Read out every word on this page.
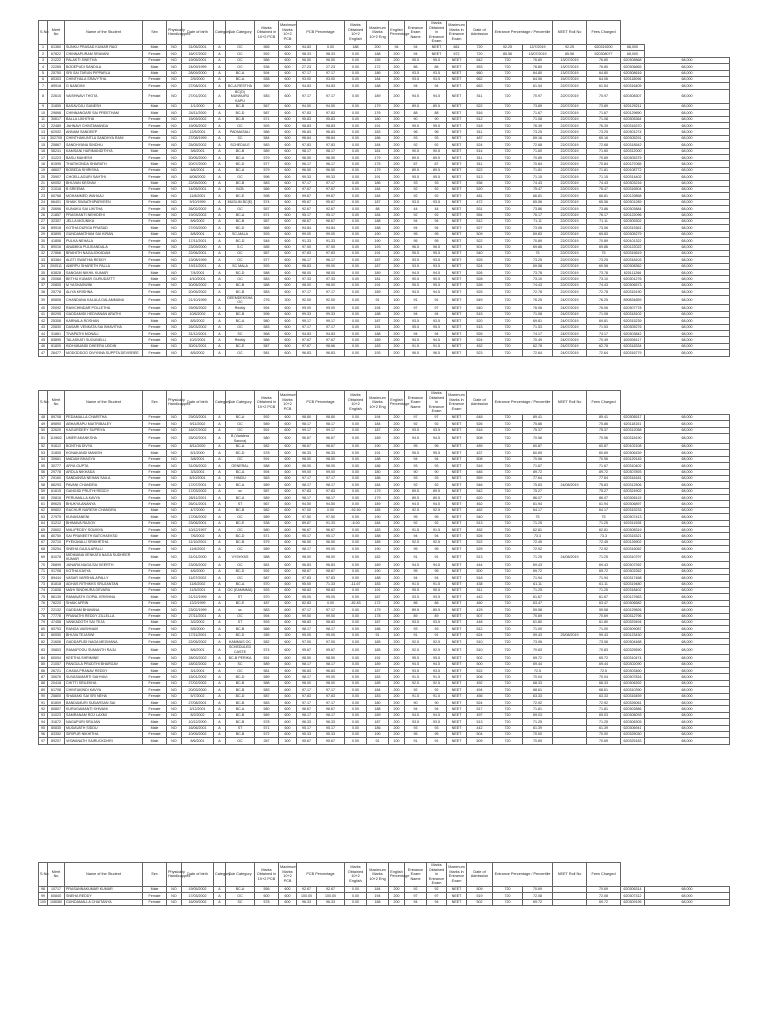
S.No	Merit No	Name of the Student	Sex	Physically Handicapped	Date of birth	Category	Sub Category	Marks Obtained in 10+2 PCB	Maximum Marks 10+2 PCB	PCB Percentage		Marks Obtained 10+2 English	Maximum Marks 10+2 Eng	English Percentage	Entrance Exam Name	Marks Obtained in Entrance Exam	Maximum Marks in Entrance Exam	Date of Admission	Entrance Percentage / Percentile		NEET Roll No	Fees Charged		
1	61360	SUNKU PRASAD KUMAR RAO	Male	NO	31/05/2001	A	OC	565	600	94.83	0.00	188	200	94	94	NEET	661	720	92.25	12/7/2019	92.25	620319200	68,000	
2	67822	CHINNAPURAM SRAVANI	Female	NO	16/07/2002	A	OC	592	600	98.33	98.33	0.00	188	200	94	NEET	672	720	85.56	13/07/2019	85.56	520308077	68,000	
3	21222	PALAKTI SWETHA	Female	NO	19/05/2001	A	OC	586	600	96.50	96.50	0.00	155	200	95.5	95.5	NEET	642	720	76.80	13/07/2019	76.80	620308868	68,000
4	22265	BODEPUDI SANDILA	Male	NO	24/09/1999	A	OC	536	600	27.23	27.23	0.00	172	200	86	86	NEET	553	720	76.80	13/07/2019	76.80	620306665	68,000
5	25750	SRI SAI TARUN PIPPARLA	Male	NO	28/09/2000	A	BC-A	594	600	97.17	97.17	0.00	186	200	93.5	93.5	NEET	660	720	64.80	13/07/2019	64.80	620308616	68,000
6	80303	CHINTHALA SRAVYTHA	Female	NO	2/5/2000	A	BC-A	558	600	93.00	93.00	0.00	184	200	93.5	93.5	NEET	662	720	64.06	15/07/2019	64.06	620118096	68,000
7	89918	G NANDINI	Female	NO	27/08/2001	A	BC-A RESTHA	569	600	94.83	94.83	0.00	188	200	94	94	NEET	663	720	61.54	22/07/2019	61.54	620316405	68,000
8	22615	VAISHNAVI THOTA	Female	NO	27/01/2002	A	BC(D) MUNNURU KAPU	583	600	97.17	97.17	0.00	189	200	94.5	94.5	NEET	511	720	70.97	22/07/2019	70.97	620308307	68,000
9	31855	BASAVOJU GANESH	Male	NO	1/1/2000	A	BC-B	567	600	94.50	94.50	0.00	179	200	89.5	89.5	NEET	522	720	73.89	22/07/2019	73.89	620129211	68,000
10	29898	CHINNANGARI SAI PREETHAM	Male	NO	24/11/2000	A	BC-D	587	600	97.83	97.83	0.00	176	200	88	88	NEET	516	720	71.67	22/07/2019	71.67	620129890	68,000
11	30617	BALLA LIKHITHA	Female	NO	15/09/2002	A	BC-B	571	600	95.83	95.83	0.00	180	200	90	90	NEET	512	720	71.08	22/07/2019	71.08	620305364	68,000
12	22489	JAHNAVI CHINTAMANDA	Female	NO	19/05/2002	A	OC	593	600	98.83	98.83	0.00	191	200	95.5	95.5	NEET	518	720	76.39	22/07/2019	76.39	620316370	68,000
13	62002	ANNAM SANDEEP	Male	NO	12/5/2001	A	PADMASALI	586	600	96.83	96.83	0.00	183	200	96	96	NEET	511	720	73.25	22/07/2019	73.25	620301274	68,000
14	302705	CHINTHAKUNTLA SANDHYA RANI	Female	NO	27/08/1999	A	SC	584	600	98.84	98.84	0.00	186	200	93	93	NEET	487	720	69.16	22/07/2019	69.16	620305291	68,000
15	25867	SANDHYANA SINDHU	Female	NO	25/05/2002	A	SCHEDULE	583	600	97.83	97.83	0.00	184	200	92	92	NEET	524	720	72.68	22/07/2019	72.68	620318542	68,000
16	56241	KAMSANI HARIMANDITHYA	Male	NO	3/6/2001	A	BC-B	589	600	98.17	98.17	0.00	181	200	90.5	90.5	NEET	514	720	71.60	22/07/2019	71.60	620312000	68,000
17	31223	BASU MAHESH	Female	NO	30/05/2000	A	BC-A	579	600	96.50	96.50	0.00	179	200	89.5	89.5	NEET	511	720	70.89	22/07/2019	70.89	620305375	68,000
18	61595	THATIKONDA SHARATH	Male	NO	20/07/2000	A	BC-D	577	600	96.17	96.17	0.00	175	200	87	87	NEET	511	720	70.84	22/07/2019	70.84	620127065	68,000
19	46607	BOBEDA SHIRISHA	Female	NO	6/6/2001	A	BC-A	579	600	96.50	96.50	0.00	179	200	89.5	89.5	NEET	522	720	71.81	22/07/2019	71.81	620108772	68,000
20	25907	CHOELLAGURI SAHTHI	Female	NO	8/08/2002	A	OC	596	600	99.33	99.33	0.00	191	200	95.5	95.5	NEET	513	720	71.15	22/07/2019	71.15	620314402	68,000
21	60052	BHUVAN KESHAV	Male	NO	22/05/2000	A	BC-B	583	600	97.17	97.17	0.00	186	200	93	93	NEET	536	720	74.43	22/07/2019	74.43	620303216	68,000
22	21018	B SREEMA	Female	NO	14/05/2001	A	BCB	586	600	97.67	97.67	0.00	184	200	92	92	NEET	520	720	75.47	22/07/2019	75.47	620316504	68,000
23	60768	MOHAMMED WAHAAJ	Male	NO	11/8/2001	A	BC-E	598	600	99.67	99.67	0.00	184	200	92	92	NEET	481	720	66.81	22/07/2019	66.81	620129858	68,000
24	66401	SHAIK SWAATHIPARVEEN	Female	NO	9/10/1999	A	MUSLIM BC(E)	574	600	95.67	95.67	0.00	187	200	93.5	93.5	NEET	472	720	65.56	22/07/2019	65.56	620301289	68,000
25	20696	KUNUKU SAI LIKITHA	Female	NO	26/02/2002	A	OC	557	600	92.67	92.67	0.00	88	200	44	44	NEET	531	720	73.86	22/07/2019	73.86	620303884	68,000
26	21857	PRASHANTI NEHIDEHI	Female	NO	19/03/2002	A	BC-A	571	600	95.17	95.17	0.00	184	200	92	92	NEET	554	720	76.17	22/07/2019	76.17	620122096	68,000
27	32307	JELLA MOUNIKA	Female	NO	8/6/2002	A	BC-B	587	600	96.67	96.67	0.00	188	200	94	94	NEET	512	720	71.11	22/07/2019	71.11	620305302	68,000
28	89918	KOTHA DURGA PRASAD	Male	NO	27/03/2000	A	BC-D	568	600	94.84	94.84	0.00	188	200	94	94	NEET	527	720	73.06	22/07/2019	73.06	620315361	68,000
29	83895	GUNDAMATHAM SAI KIRAN	Male	NO	6/8/2001	A	SC-MALA	593	600	99.00	99.00	0.00	190	200	95	95	NEET	509	720	69.83	22/07/2019	69.83	620305279	68,000
30	41808	PULKA NEHALA	Female	NO	17/11/2001	A	BC-D	548	600	91.33	91.33	0.00	190	200	95	95	NEET	522	720	70.89	22/07/2019	70.89	620101322	68,000
31	89016	ANAMIKA PULIKANDALA	Female	NO	23/09/2000	A	S.C	585	600	97.50	97.50	0.00	193	200	96.5	96.5	NEET	501	720	69.86	22/07/2019	69.86	620122022	68,000
32	27866	BRAHITH NAGAJOKADAM	Female	NO	22/06/2001	A	OC	587	600	97.83	97.83	0.00	191	200	95.5	95.5	NEET	540	720	75	22/07/2019	75	620315619	68,000
33	83384	ALETI SWATHIA REDDY	Female	NO	13/08/1999	A	OC	577	600	96.17	96.17	0.00	187	200	93.5	93.5	NEET	525	720	73.25	22/07/2019	73.25	620318103	68,000
34	200511	AMIRPU SHARETH PALLA	Female	NO	19/11/2001	A	SC MALA	593	600	98.83	99.00	0.00	187	200	93.5	93.5	NEET	524	720	69.58	22/07/2019	69.58	620308362	68,000
35	63828	SANGAM NIKHIL KUMAR	Male	NO	7/4/2001	A	BC-D	588	600	98.00	98.00	0.00	189	200	94.5	94.5	NEET	526	720	73.78	22/07/2019	73.78	620111266	68,000
36	20068	BETHU KUMAR GURUDATTT	Male	NO	4/10/2001	A	OC	583	600	97.33	97.33	0.00	181	200	90.5	90.5	NEET	528	720	73.10	22/07/2019	73.10	620301276	68,000
37	20805	M YASHASWINI	Female	NO	30/05/2002	A	BC-B	588	600	98.00	98.00	0.00	191	200	95.5	95.5	NEET	528	720	74.43	22/07/2019	74.43	620306573	68,000
38	25778	ALIYA KRISHNA	Female	NO	20/05/2002	A	BC-B	583	600	97.17	97.17	0.00	189	200	94.5	94.5	NEET	525	720	72.78	22/07/2019	72.78	620315190	68,000
39	80808	CHANDANA KALALA DALAMMANU	Female	NO	21/10/1999	A	DEEMDEKSHA OC	276	300	92.00	92.00	0.00	91	100	91	91	NEET	549	720	76.25	24/07/2019	76.25	890834659	68,000
40	20092	RAVICHINDAR POLLETHA	Female	NO	25/05/2002	A	Reddy	594	600	99.00	99.00	0.00	194	200	97	97	NEET	540	720	76.06	24/07/2019	76.06	620307778	68,000
41	80295	GADDAMIDI HEDVANAN ARATHI	Female	NO	10/6/2002	A	BC-B	596	600	99.33	99.33	0.00	188	200	94	94	NEET	515	720	71.08	24/07/2019	71.08	620318102	68,000
42	25308	KARNALA ROSHAN	Male	NO	8/5/2002	A	BC-A	580	600	99.17	99.17	0.00	187	200	93.5	93.5	NEET	520	720	69.81	24/07/2019	69.81	620315239	68,000
43	20830	DASARI VENKATA SAI BHAVITHA	Female	NO	26/03/2002	A	OC	583	600	97.17	97.17	0.00	191	200	95.5	95.5	NEET	515	720	71.53	24/07/2019	71.53	620305276	68,000
44	31861	TIVAPATHI MONALI	Female	NO	31/12/2001	A	SC	568	600	94.83	94.83	0.00	188	200	94	94	NEET	526	720	74.17	24/07/2019	74.17	620303842	68,000
45	83895	TALASKATI SUGUNELLI	Female	NO	10/2/2001	A	Reddy	586	600	97.67	97.67	0.00	189	200	94.5	94.5	NEET	524	720	70.49	24/07/2019	70.49	620306117	68,000
46	81805	KIDHUBANDI DHEERA UDDIN	Male	NO	30/01/2001	A	BC-E	587	600	97.67	98.66	0.00	183	200	91.5	91.5	NEET	452	720	62.78	24/07/2019	62.78	620318334	68,000
47	26477	MODODDOO DIVYNNA SUPPTA DEVISREE	Female	NO	8/5/2002	A	OC	581	600	96.83	96.83	0.00	193	200	96.5	96.5	NEET	523	720	72.64	24/07/2019	72.64	620316779	68,000
S.No	Merit No	Name of the Student	Sex	Physically Handicapped	Date of birth	Category	Sub Category	Marks Obtained in 10+2 PCB	Maximum Marks 10+2 PCB	PCB Percentage		Marks Obtained 10+2 English	Maximum Marks 10+2 Eng	English Percentage	Entrance Exam Name	Marks Obtained in Entrance Exam	Maximum Marks in Entrance Exam	Date of Admission	Entrance Percentage / Percentile		NEET Roll No	Fees Charged		
48	89708	PEDAMALLA CHARITHA	Female	NO	29/03/2001	A	BC-A	592	600	98.80	98.80	0.00	194	200	97	97	NEET	648	720	89.41		89.41	620306517	68,000
49	89890	ABHAIRAPU MAITRIBALEY	Female	NO	9/11/2002	A	OC	589	600	98.17	98.17	0.00	184	200	92	92	NEET	526	720	75.86		75.86	620118151	68,000
50	32629	KAGURDEEY SUPRIYA	Female	NO	16/07/2002	A	OC	591	600	99.17	99.17	0.00	187	200	93.5	93.5	NEET	516	720	75.37		75.37	620312058	68,000
51	110802	UMER AKANKSHA	Female	NO	25/02/2001	A	B (Vaddera Sarova)	580	600	96.67	96.67	0.00	189	200	94.5	94.5	NEET	508	720	70.56		70.56	620318190	68,000
52	91612	BONTHA DIVYA	Female	NO	8/11/2000	A	BC-A	582	600	98.67	98.67	0.00	190	200	95	95	NEET	489	720	60.87		60.87	620102108	68,000
53	31805	KONAKANDI MANISH	Male	NO	6/1/2000	A	BC-D	578	600	96.33	96.33	0.00	191	200	95.5	95.5	NEET	437	720	60.69		60.69	620306159	68,000
54	30661	MADAM BHAGYA	Female	NO	3/8/2001	A	OC	591	600	98.50	98.50	0.00	188	200	94	94	NEET	508	720	70.56		70.56	620129145	68,000
55	30777	ARYA GUPTA	Female	NO	31/05/2002	A	GENERAL	588	600	98.00	98.00	0.00	186	200	93	93	NEET	516	720	71.67		71.67	620310402	68,000
56	29778	ARDLA NIKHADA	Female	NO	3/3/2001	A	BC-A	594	600	99.00	99.00	0.00	180	200	90	90	NEET	646	720	89.72		89.72	620307893	68,000
57	29160	SANDANSA NEHAN SAILA	Female	NO	8/10/2001	A	HINDU	583	600	97.17	97.17	0.00	186	200	93	93	NEET	559	720	77.64		77.64	620316181	68,000
58	86293	PAVANI CHANDRA	Female	NO	17/07/2001	A	BC-A	589	600	98.17	98.17	0.00	184	200	92	92	NEET	546	720	75.83	24/08/2019	75.83	620312506	68,000
59	61615	GANGIDI PRUTHI REDDY	Female	NO	17/03/2002	A	oc	587	600	97.83	97.83	0.00	179	200	89.5	89.5	NEET	542	720	75.27		75.27	620324902	68,000
60	20818	PERUMALLA KAVYA	Female	NO	28/11/2001	A	BC-A	589	600	98.17	98.17	0.00	179	200	89.5	89.5	NEET	620	720	86.07		86.07	620306119	68,000
61	89625	BHUKYA ANANYA	Female	NO	26/01/2001	A	ST	567	600	94.50	94.50	0.00	189	200	94.5	94.5	NEET	462	720	61.94		61.94	620306897	68,000
62	89802	RACHUR NARESH CHANDRA	Male	NO	4/7/2000	A	BC-B	582	600	97.00	0.00	-92.50	185	200	92.5	92.5	NEET	462	720	64.17		64.17	620315233	68,000
63	27975	KUNASANENI	Male	NO	17/06/2002	A	OC	589	600	97.50	97.50	0.00	190	200	95	95	NEET	540	720	75		75	620307413	68,000
64	31212	BHIMAVA RAJIOV	Female	NO	23/06/2001	A	BC-E	538	600	89.67	91.33	-6.00	184	200	92	92	NEET	513	720	71.25		71.25	620311928	68,000
65	20602	MALIPEDDY SOUMYA	Female	NO	10/12/1997	A	OC	580	600	96.67	96.67	0.00	183	200	91.5	91.5	NEET	452	720	62.81		62.81	620308319	68,000
66	80750	SAI PRANEETH BATCHAEKSD	Male	NO	7/6/2002	A	BC-D	571	600	95.17	95.17	0.00	188	200	94	94	NEET	526	720	73.3		73.3	620315321	68,000
67	20710	PYEKAVALU SRIKHETHA	Female	NO	11/10/2001	A	BC-B	579	600	96.50	96.50	0.00	185	200	92.5	92.5	NEET	522	720	72.45		72.45	620126902	68,000
68	25254	SNEHA GAJULAPALLI	Female	NO	11/6/2002	A	OC	589	600	98.17	99.00	0.00	190	200	95	95	NEET	525	720	72.92		72.92	620316062	68,000
69	81078	MIDIMANA VENKATA NAGA SUDHEER KUMAR	Male	NO	31/01/2000	A	VYSHYAS	588	600	98.00	98.00	0.00	182	200	91	91	NEET	513	720	71.25	24/08/2019	71.25	620310797	68,000
70	26899	JUNARA NAGA SAI KEERTH	Female	NO	23/05/2002	A	OC	581	600	96.83	96.83	0.00	189	200	94.5	94.5	NEET	444	720	69.43		69.43	620307392	68,000
71	91708	KOTHA KAVYA	Female	NO	4/6/2000	A	BC-D	592	600	98.67	98.67	0.00	190	200	95	95	NEET	500	720	69.72		69.72	620302262	68,000
72	89444	VASAR VARSHALAPALLY	Female	NO	11/07/2002	A	OC	587	600	97.83	97.83	0.00	188	200	94	94	NEET	518	720	71.94		71.94	620317468	68,000
73	81818	ADHAS RITHIKKS SRUJANTAN	Female	NO	11/6/2002	A	BC-A	570	600	95.00	71.33	-11.67	183	200	91.5	91.5	NEET	438	720	61.11		61.11	620319480	68,000
74	21608	MAHI SINDHURA DEVARA	Female	NO	11/5/2001	A	OC (EAMMMA)	593	600	98.83	98.83	0.00	191	200	95.5	95.5	NEET	511	720	71.25		71.25	620318402	68,000
75	86139	RAMAVATH GOPAL KRISHNA	Male	NO	21/12/1999	A	ST	570	600	95.00	95.00	0.00	187	200	93.5	93.5	NEET	442	720	61.67		61.67	620127663	68,000
76	78220	SHAIK AFRIN	Female	NO	12/2/1999	A	BC-E	487	600	82.83	0.00	-82.83	172	200	86	86	NEET	460	720	63.47		63.47	620306582	68,000
77	22132	GADDAM BHAVANA	Female	NO	23/02/1999	A	sc	583	600	97.17	97.17	0.00	179	200	89.5	89.5	NEET	429	720	59.58		59.58	620129826	68,000
78	77778	PRANATHI REDDY ZILLELLA	Female	NO	27/11/2001	A	OC	594	600	99.00	99.00	0.00	178	200	89	89	NEET	507	720	70.69		70.69	620312796	68,000
79	47458	VANKADOTH SAI TEJA	Male	NO	3/2/2002	A	ST	593	600	98.83	98.83	0.00	187	200	93.5	93.5	NEET	448	720	61.80		61.80	620329494	68,000
80	80753	RANGA VAISHNAVI	Female	NO	5/5/2000	A	BC-B	586	600	98.17	98.17	0.00	186	200	93	93	NEET	512	720	71.00		71.00	620309087	68,000
81	80050	BHUVA TEJASWI	Female	NO	17/11/2001	A	BC-D	285	300	95.00	95.00	0.00	91	100	91	91	NEET	624	720	59.43	25/08/2019	59.43	620123430	68,000
82	21606	GADDAPUDI NAGA MEGHANA	Female	NO	22/05/2002	A	KAMMAS OC	582	600	97.00	97.00	0.00	185	200	92.5	92.5	NEET	510	720	73.06		73.06	620304488	68,000
83	30803	RAMAPOGU SUMANTH RAJU	Male	NO	8/6/2001	A	SCHEDULED CASTE	574	600	95.67	95.67	0.00	185	200	92.5	92.5	NEET	510	720	70.83		70.83	620325590	68,000
84	60094	KEETHA SHRIMINE	Female	NO	28/03/2002	A	BC-B PERIKA	591	600	98.50	98.50	0.00	191	200	95.5	95.5	NEET	502	720	69.72		69.72	620310474	68,000
85	21057	PANGULA PRUDTHI BHARGAV	Male	NO	18/02/2002	A	SC	589	600	98.17	98.17	0.00	189	200	94.5	94.5	NEET	500	720	69.44		69.44	620302090	68,000
86	26721	CHADA PRANAV REDDY	Male	NO	3/1/2001	A	OC	581	600	96.83	96.83	0.00	187	200	93.5	93.5	NEET	522	720	72.5		72.5	620303460	68,000
87	30676	SUVASAMARTI SAHYAVI	Female	NO	15/01/2002	A	BC-D	589	600	98.17	99.00	0.00	183	200	91.5	91.5	NEET	506	720	70.04		70.04	620307816	68,000
88	20418	CHITTI SRILEKHA	Female	NO	27/02/2002	A	BC-B	588	600	98.00	98.00	0.00	185	200	92.5	92.5	NEET	492	720	68.33		68.33	620306392	68,000
89	61708	CHINTAKINDI KAVYA	Female	NO	20/03/2000	A	BC-B	583	600	97.17	97.17	0.00	184	200	92	92	NEET	494	720	68.61		68.61	620310390	68,000
90	25800	SHAMAKI SAI SRI NEHA	Female	NO	5/7/2002	A	BC-D	587	600	97.83	97.83	0.00	183	200	91.5	91.5	NEET	456	720	63.33		63.33	620316459	68,000
91	81809	BANDAMURI SUDARSAN SAI	Male	NO	27/08/2001	A	BC-B	583	600	97.17	97.17	0.00	180	200	90	90	NEET	524	720	72.92		72.92	620326061	68,000
92	80807	KURUGAMANTI SHIVANI	Female	NO	3/12/2001	A	BC-A	580	600	96.67	96.67	0.00	188	200	94	94	NEET	517	720	71.81		71.81	620302886	68,000
93	31023	SAMRANAM ROJ LAXMI	Female	NO	8/2/2002	A	BC-B	589	600	98.17	98.17	0.00	189	200	94.5	94.5	NEET	497	720	69.03		69.03	620308093	68,000
94	31672	NAGAPURI SRUJAN	Male	NO	10/12/2000	A	BC-B	578	600	96.33	96.33	0.00	187	200	93.5	93.5	NEET	513	720	71.25		71.25	620306305	68,000
95	80835	MUDAVATH SIDDU	Male	NO	16/06/2001	A	ST	571	600	95.17	95.17	0.00	186	200	93	93	NEET	442	720	61.39		61.39	620306941	68,000
96	83352	SIRIPUR NIKHITHA	Female	NO	10/05/2002	A	BC-B	572	600	95.33	95.33	0.00	190	200	95	95	NEET	504	720	70.00		70.00	620325030	68,000
97	89207	VISWANATH SAIRUCKDHRI	Male	NO	8/6/2001	A	OC	287	300	95.67	95.67	0.00	91	100	91	91	NEET	509	720	70.69		70.69	620325183	68,000
S.No	Merit No	Name of the Student	Sex	Physically Handicapped	Date of birth	Category	Sub Category	Marks Obtained in 10+2 PCB	Maximum Marks 10+2 PCB	PCB Percentage		Marks Obtained 10+2 English	Maximum Marks 10+2 Eng	English Percentage	Entrance Exam Name	Marks Obtained in Entrance Exam	Maximum Marks in Entrance Exam	Date of Admission	Entrance Percentage / Percentile		NEET Roll No	Fees Charged		
98	10717	PRASANNAKUMAR KUMAR	Male	NO	19/05/2002	A	BC-A	556	600	92.67	92.67	0.00	184	200	92	92	NEET	509	720	70.69		70.69	620306314	68,000
99	60840	SNEHA REDDY	Female	NO	17/03/2002	A	OC	600	600	100.00	100.00	0.00	194	200	97	97	NEET	519	720	72.08		72.08	620307312	68,000
100	108080	GUNDAMALLA CHAITANYA	Female	NO	16/09/2002	A	SC	578	600	96.33	96.33	0.00	188	200	94	94	NEET	502	720	69.72		69.72	620309195	68,000
